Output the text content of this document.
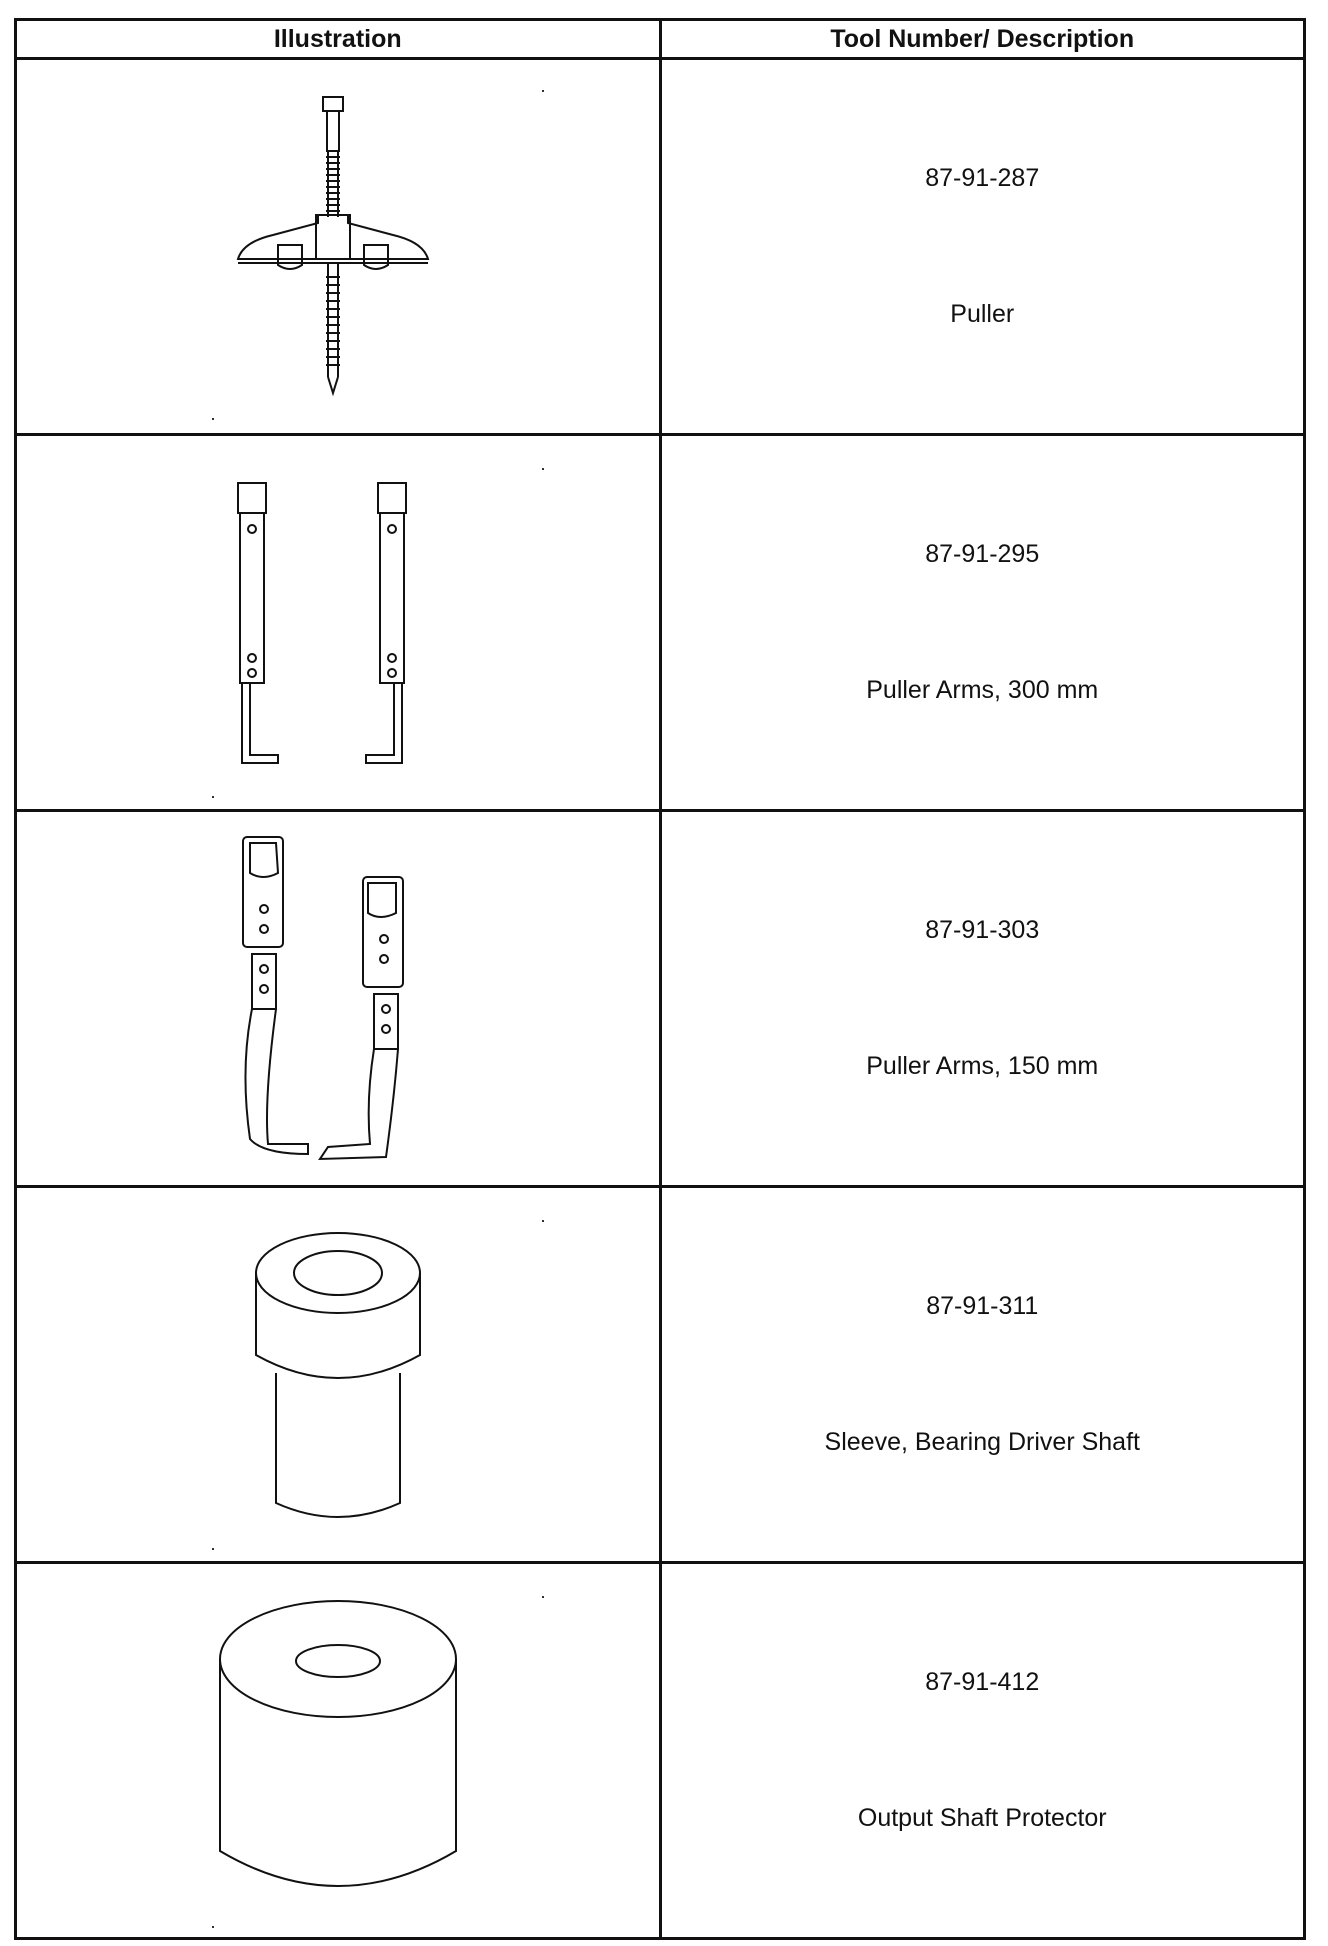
Illustration	Tool Number/ Description

87-91-287
Puller

87-91-295
Puller Arms, 300 mm

87-91-303
Puller Arms, 150 mm

87-91-311
Sleeve, Bearing Driver Shaft

87-91-412
Output Shaft Protector
